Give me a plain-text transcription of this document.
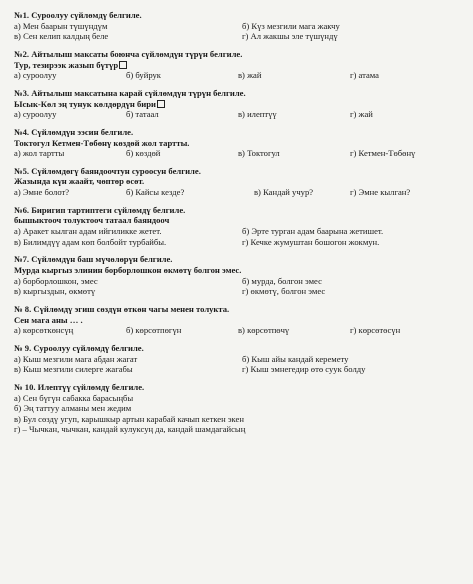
№1. Суроолуу сүйлөмдү белгиле.
а) Мен баарын түшүндүм	б) Күз мезгили мага жакчу
в) Сен келип калдың беле	г) Ал жакшы эле түшүндү
№2. Айтылыш максаты боюнча сүйлөмдүн түрүн белгиле.
Тур, тезирээк жазып бүтүр
а) суроолуу	б) буйрук	в) жай	г) атама
№3. Айтылыш максатына карай сүйлөмдүн түрүн белгиле.
Ысык-Көл эң тунук көлдөрдүн бири
а) суроолуу	б) татаал	в) илептүү	г) жай
№4. Сүйлөмдүн ээсин белгиле.
Токтогул Кетмен-Төбөнү көздөй жол тартты.
а) жол тартты	б) көздөй	в) Токтогул	г) Кетмен-Төбөнү
№5. Сүйлөмдөгү баяндоочтун суроосун белгиле.
Жазында күн жаайт, чөптөр өсөт.
а) Эмне болот?	б) Кайсы кезде?	в) Кандай учур?	г) Эмне кылган?
№6. Биригип тартиптеги сүйлөмдү белгиле.
бышыктооч толуктооч татаал баяндооч
а) Аракет кылган адам ийгиликке жетет.	б) Эрте турган адам баарына жетишет.
в) Билимдүү адам көп болбойт турбайбы.	г) Кечке жумуштан бошогон жокмун.
№7. Сүйлөмдүн баш мүчөлөрүн белгиле.
Мурда кыргыз элинин борборлошкон өкмөтү болгон эмес.
а) борборлошкон, эмес	б) мурда, болгон эмес
в) кыргыздын, өкмөтү	г) өкмөтү, болгон эмес
№ 8. Сүйлөмдү эгиш сөздүн өткөн чагы менен толукта.
Сен мага аны … .
а) көрсөткөнсүң	б) көрсөтпөгүн	в) көрсөтпөчү	г) көрсөтөсүн
№ 9. Суроолуу сүйлөмдү белгиле.
а) Кыш мезгили мага абдан жагат	б) Кыш айы кандай керемету
в) Кыш мезгили силерге жагабы	г) Кыш эмнегедир өтө суук болду
№ 10. Илептүү сүйлөмдү белгиле.
а) Сен бүгүн сабакка барасыңбы
б) Эң таттуу алманы мен жедим
в) Бул сөздү угуп, карышкыр артын карабай качып кеткен экен
г) – Чычкан, чычкан, кандай кулуксуң да, кандай шамдагайсың
